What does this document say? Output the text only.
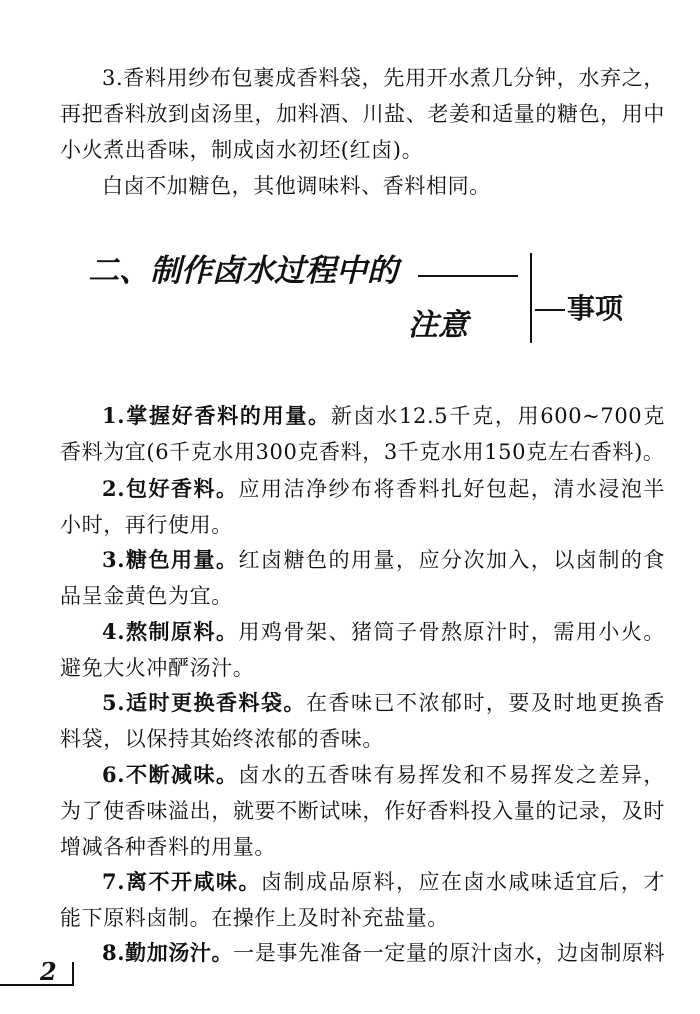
3.香料用纱布包裹成香料袋，先用开水煮几分钟，水弃之，再把香料放到卤汤里，加料酒、川盐、老姜和适量的糖色，用中小火煮出香味，制成卤水初坯(红卤)。

白卤不加糖色，其他调味料、香料相同。

二、制作卤水过程中的
注意	事项

1.掌握好香料的用量。新卤水12.5千克，用600~700克香料为宜(6千克水用300克香料，3千克水用150克左右香料)。

2.包好香料。应用洁净纱布将香料扎好包起，清水浸泡半小时，再行使用。

3.糖色用量。红卤糖色的用量，应分次加入，以卤制的食品呈金黄色为宜。

4.熬制原料。用鸡骨架、猪筒子骨熬原汁时，需用小火。避免大火冲酽汤汁。

5.适时更换香料袋。在香味已不浓郁时，要及时地更换香料袋，以保持其始终浓郁的香味。

6.不断减味。卤水的五香味有易挥发和不易挥发之差异，为了使香味溢出，就要不断试味，作好香料投入量的记录，及时增减各种香料的用量。

7.离不开咸味。卤制成品原料，应在卤水咸味适宜后，才能下原料卤制。在操作上及时补充盐量。

8.勤加汤汁。一是事先准备一定量的原汁卤水，边卤制原料

2
